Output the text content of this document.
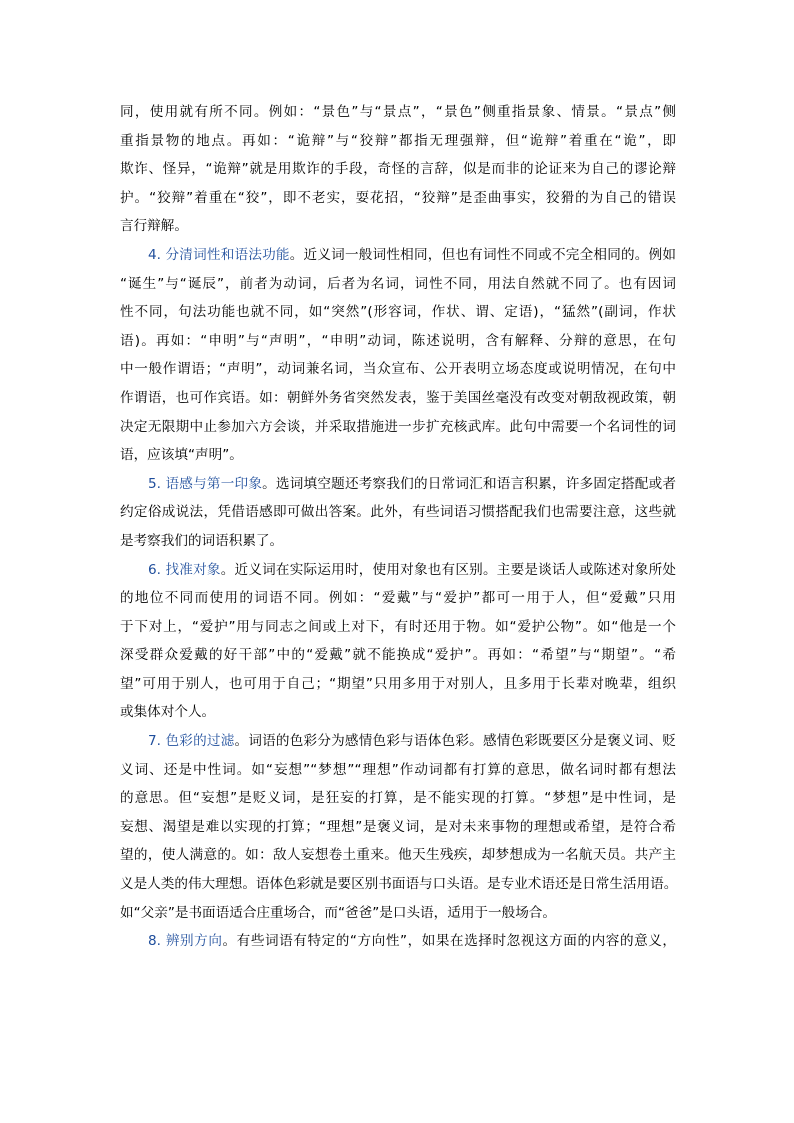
同，使用就有所不同。例如：“景色”与“景点”，“景色”侧重指景象、情景。“景点”侧
重指景物的地点。再如：“诡辩”与“狡辩”都指无理强辩，但“诡辩”着重在“诡”，即
欺诈、怪异，“诡辩”就是用欺诈的手段，奇怪的言辞，似是而非的论证来为自己的谬论辩
护。“狡辩”着重在“狡”，即不老实，耍花招，“狡辩”是歪曲事实，狡猾的为自己的错误
言行辩解。
4. 分清词性和语法功能。近义词一般词性相同，但也有词性不同或不完全相同的。例如
“诞生”与“诞辰”，前者为动词，后者为名词，词性不同，用法自然就不同了。也有因词
性不同，句法功能也就不同，如“突然”(形容词，作状、谓、定语)，“猛然”(副词，作状
语)。再如：“申明”与“声明”，“申明”动词，陈述说明，含有解释、分辩的意思，在句
中一般作谓语；“声明”，动词兼名词，当众宣布、公开表明立场态度或说明情况，在句中
作谓语，也可作宾语。如：朝鲜外务省突然发表，鉴于美国丝毫没有改变对朝敌视政策，朝
决定无限期中止参加六方会谈，并采取措施进一步扩充核武库。此句中需要一个名词性的词
语，应该填“声明”。
5. 语感与第一印象。选词填空题还考察我们的日常词汇和语言积累，许多固定搭配或者
约定俗成说法，凭借语感即可做出答案。此外，有些词语习惯搭配我们也需要注意，这些就
是考察我们的词语积累了。
6. 找准对象。近义词在实际运用时，使用对象也有区别。主要是谈话人或陈述对象所处
的地位不同而使用的词语不同。例如：“爱戴”与“爱护”都可一用于人，但“爱戴”只用
于下对上，“爱护”用与同志之间或上对下，有时还用于物。如“爱护公物”。如“他是一个
深受群众爱戴的好干部”中的“爱戴”就不能换成“爱护”。再如：“希望”与“期望”。“希
望”可用于别人，也可用于自己；“期望”只用多用于对别人，且多用于长辈对晚辈，组织
或集体对个人。
7. 色彩的过滤。词语的色彩分为感情色彩与语体色彩。感情色彩既要区分是褒义词、贬
义词、还是中性词。如“妄想”“梦想”“理想”作动词都有打算的意思，做名词时都有想法
的意思。但“妄想”是贬义词，是狂妄的打算，是不能实现的打算。“梦想”是中性词，是
妄想、渴望是难以实现的打算；“理想”是褒义词，是对未来事物的理想或希望，是符合希
望的，使人满意的。如：敌人妄想卷土重来。他天生残疾，却梦想成为一名航天员。共产主
义是人类的伟大理想。语体色彩就是要区别书面语与口头语。是专业术语还是日常生活用语。
如“父亲”是书面语适合庄重场合，而“爸爸”是口头语，适用于一般场合。
8. 辨别方向。有些词语有特定的“方向性”，如果在选择时忽视这方面的内容的意义，
